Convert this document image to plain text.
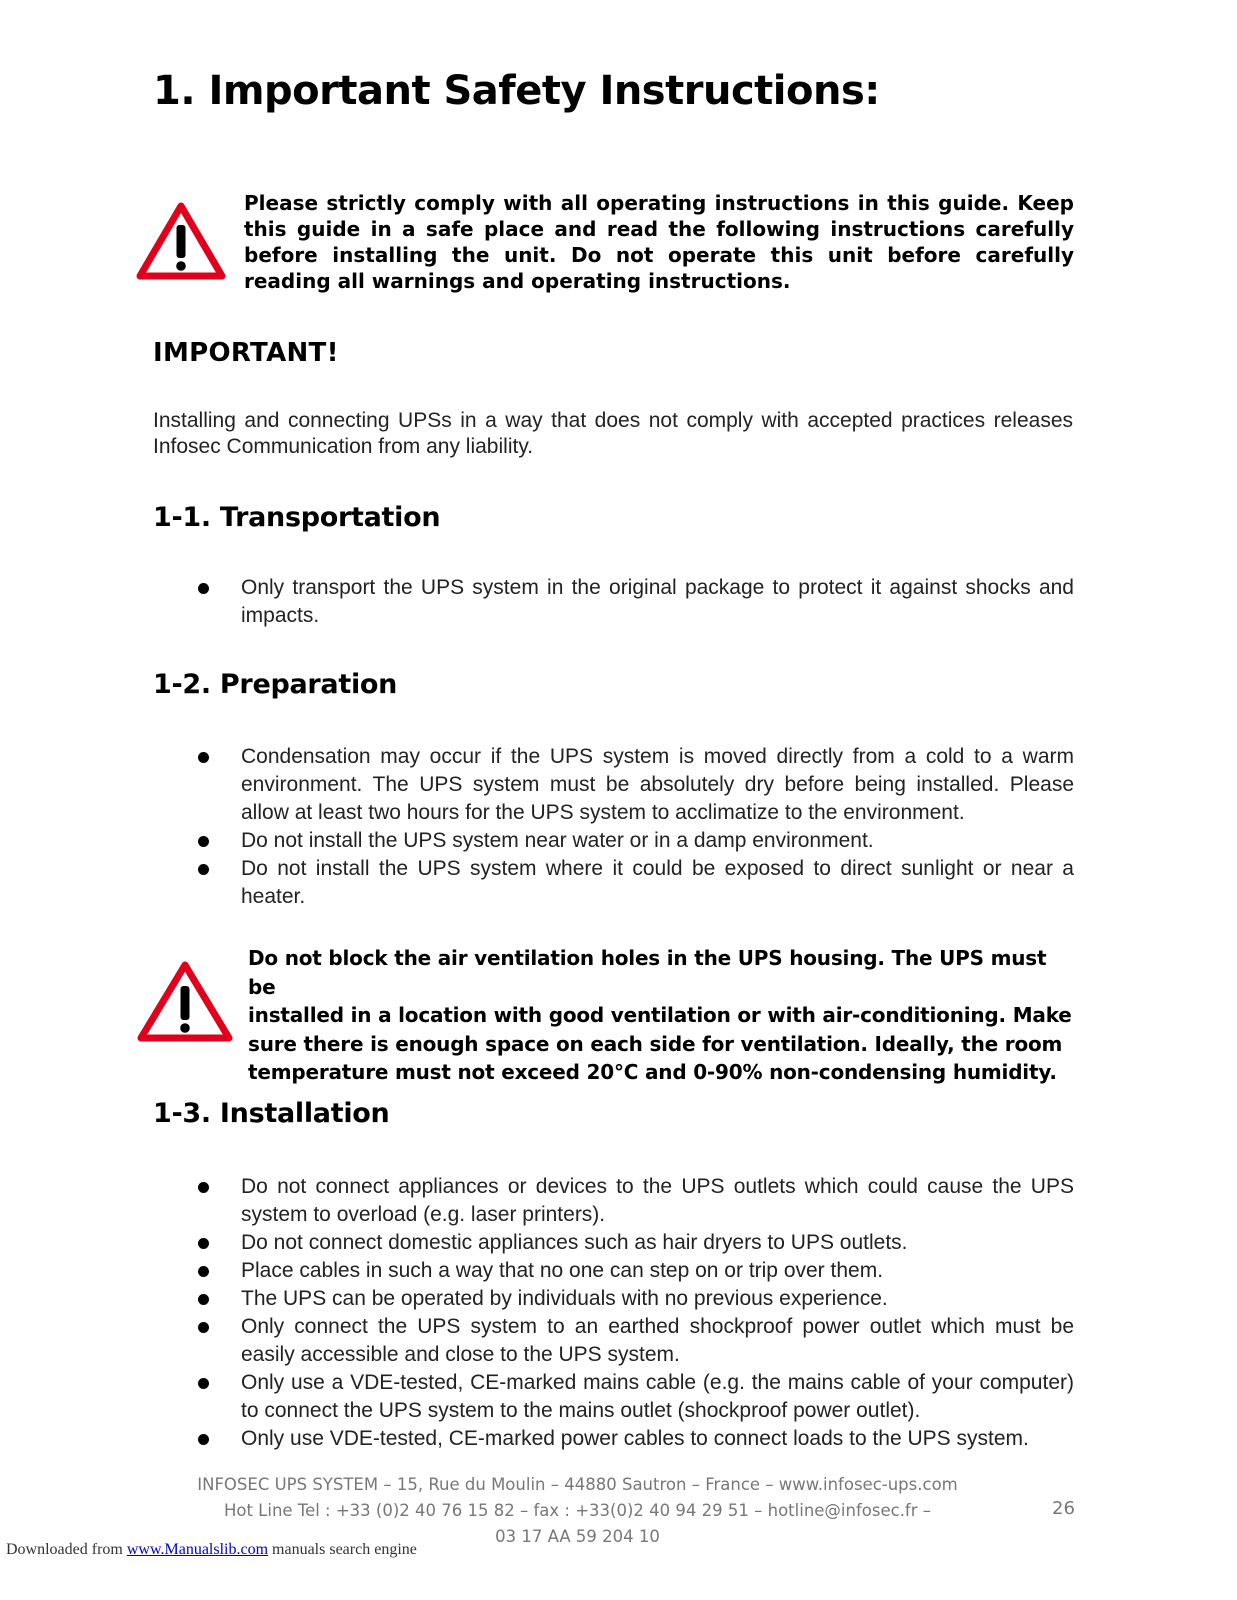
1. Important Safety Instructions:

Please strictly comply with all operating instructions in this guide. Keep this guide in a safe place and read the following instructions carefully before installing the unit. Do not operate this unit before carefully reading all warnings and operating instructions.

IMPORTANT!

Installing and connecting UPSs in a way that does not comply with accepted practices releases Infosec Communication from any liability.

1-1. Transportation
Only transport the UPS system in the original package to protect it against shocks and impacts.
1-2. Preparation
Condensation may occur if the UPS system is moved directly from a cold to a warm environment. The UPS system must be absolutely dry before being installed. Please allow at least two hours for the UPS system to acclimatize to the environment.
Do not install the UPS system near water or in a damp environment.
Do not install the UPS system where it could be exposed to direct sunlight or near a heater.
Do not block the air ventilation holes in the UPS housing. The UPS must be
installed in a location with good ventilation or with air-conditioning. Make
sure there is enough space on each side for ventilation. Ideally, the room
temperature must not exceed 20°C and 0-90% non-condensing humidity.
1-3. Installation
Do not connect appliances or devices to the UPS outlets which could cause the UPS system to overload (e.g. laser printers).
Do not connect domestic appliances such as hair dryers to UPS outlets.
Place cables in such a way that no one can step on or trip over them.
The UPS can be operated by individuals with no previous experience.
Only connect the UPS system to an earthed shockproof power outlet which must be easily accessible and close to the UPS system.
Only use a VDE-tested, CE-marked mains cable (e.g. the mains cable of your computer) to connect the UPS system to the mains outlet (shockproof power outlet).
Only use VDE-tested, CE-marked power cables to connect loads to the UPS system.
INFOSEC UPS SYSTEM – 15, Rue du Moulin – 44880 Sautron – France – www.infosec-ups.com
Hot Line Tel : +33 (0)2 40 76 15 82 – fax : +33(0)2 40 94 29 51 – hotline@infosec.fr –
03 17 AA 59 204 10
26
Downloaded from www.Manualslib.com manuals search engine
